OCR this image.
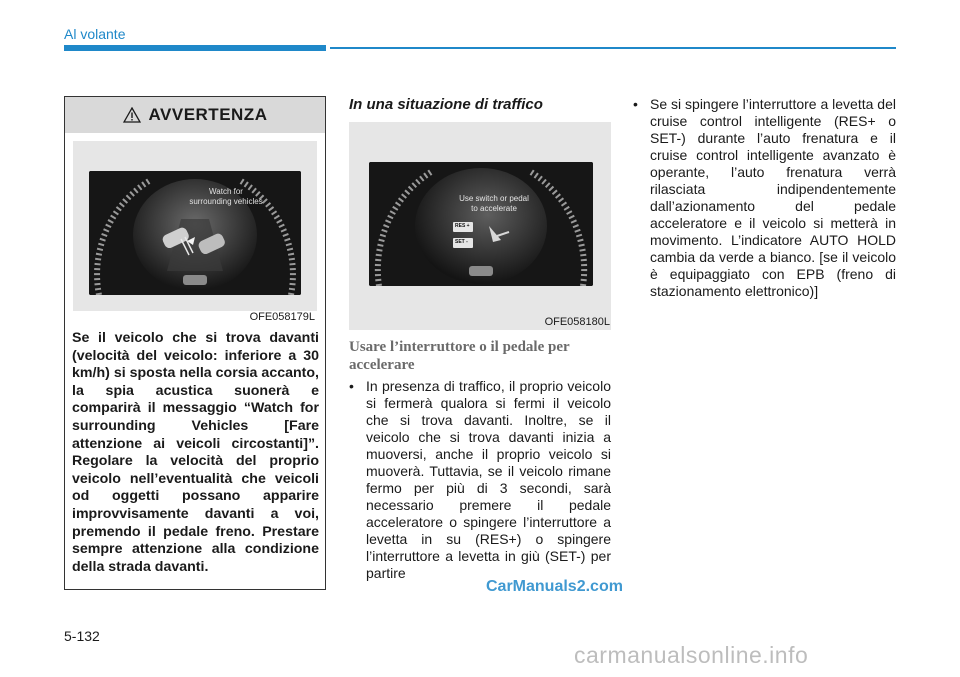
Al volante
AVVERTENZA
Watch for
surrounding vehicles
OFE058179L
Se il veicolo che si trova davanti (velocità del veicolo: inferiore a 30 km/h) si sposta nella corsia accanto, la spia acustica suonerà e comparirà il messaggio “Watch for surrounding Vehicles [Fare attenzione ai veicoli circostanti]”. Regolare la velocità del proprio veicolo nell’eventualità che veicoli od oggetti possano apparire improvvisamente davanti a voi, premendo il pedale freno. Prestare sempre attenzione alla condizione della strada davanti.
In una situazione di traffico
Use switch or pedal
to accelerate
RES +
SET -
OFE058180L
Usare l’interruttore o il pedale per accelerare
• In presenza di traffico, il proprio veicolo si fermerà qualora si fermi il veicolo che si trova davanti. Inoltre, se il veicolo che si trova davanti inizia a muoversi, anche il proprio veicolo si muoverà. Tuttavia, se il veicolo rimane fermo per più di 3 secondi, sarà necessario premere il pedale acceleratore o spingere l’interruttore a levetta in su (RES+) o spingere l’interruttore a levetta in giù (SET-) per partire
• Se si spingere l’interruttore a levetta del cruise control intelligente (RES+ o SET-) durante l’auto frenatura e il cruise control intelligente avanzato è operante, l’auto frenatura verrà rilasciata indipendentemente dall’azionamento del pedale acceleratore e il veicolo si metterà in movimento. L’indicatore AUTO HOLD cambia da verde a bianco. [se il veicolo è equipaggiato con EPB (freno di stazionamento elettronico)]
CarManuals2.com
5-132
carmanualsonline.info
